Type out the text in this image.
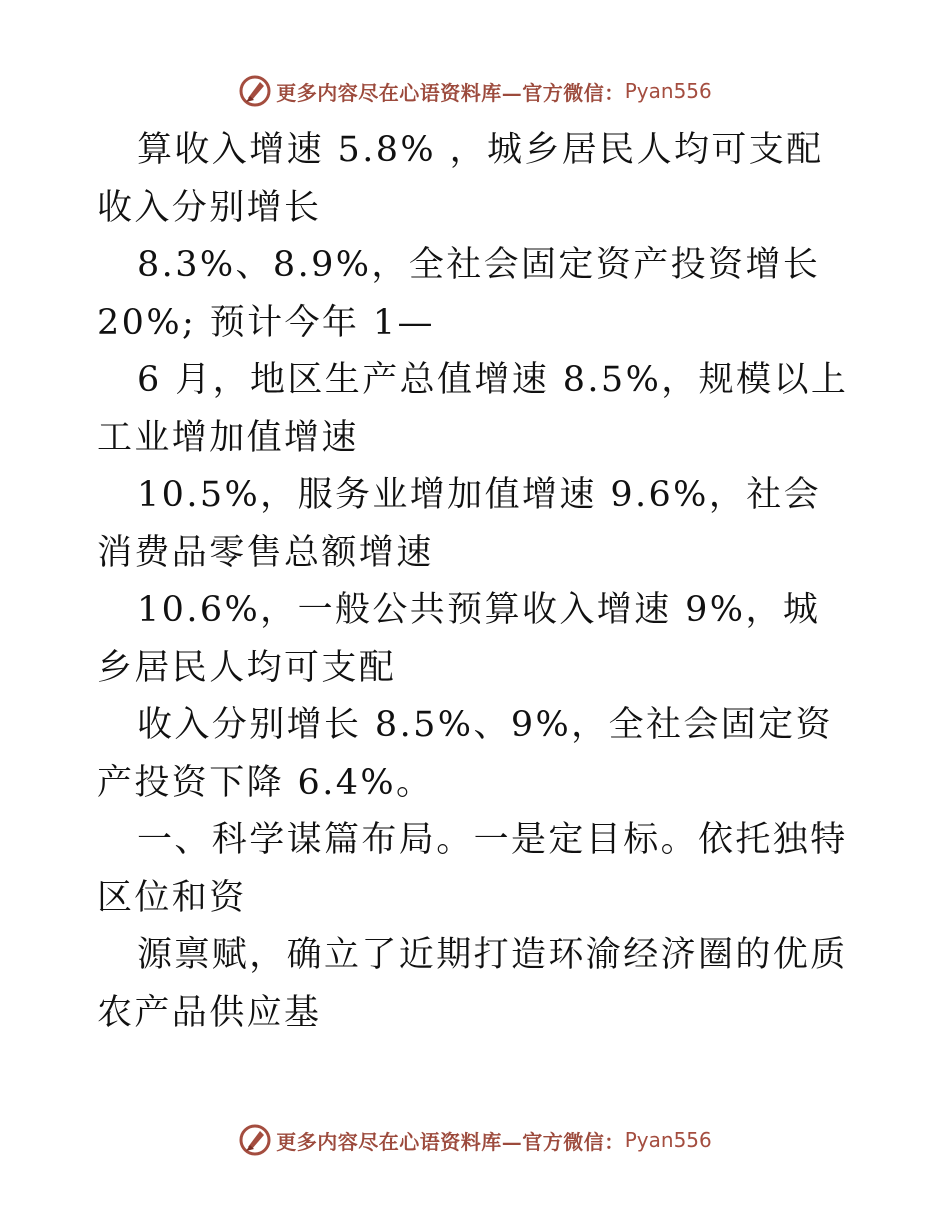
更多内容尽在心语资料库—官方微信： Pyan556

算收入增速 5.8% ，城乡居民人均可支配收入分别增长

8.3%、8.9%，全社会固定资产投资增长 20%; 预计今年 1—

6 月，地区生产总值增速 8.5%，规模以上工业增加值增速

10.5%，服务业增加值增速 9.6%，社会消费品零售总额增速

10.6%，一般公共预算收入增速 9%，城乡居民人均可支配

收入分别增长 8.5%、9%，全社会固定资产投资下降 6.4%。

一、科学谋篇布局。一是定目标。依托独特区位和资

源禀赋，确立了近期打造环渝经济圈的优质农产品供应基

更多内容尽在心语资料库—官方微信： Pyan556
